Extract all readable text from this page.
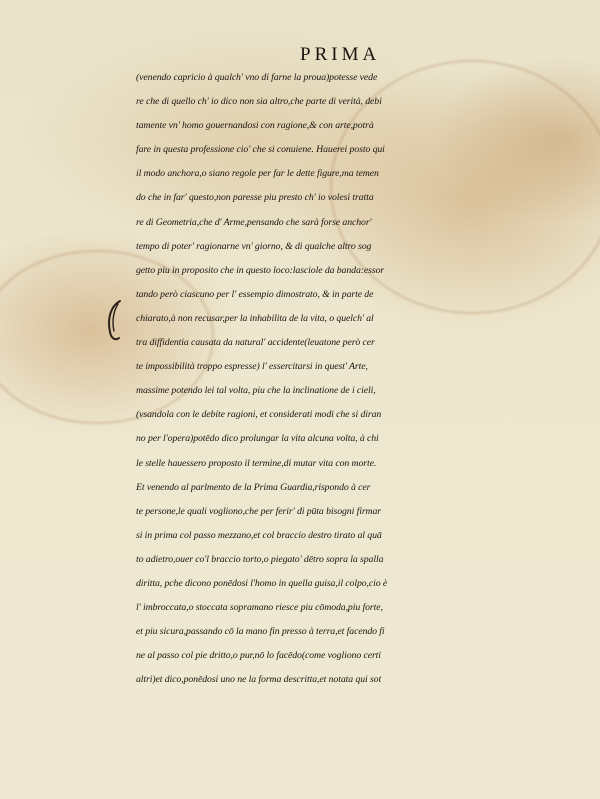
PRIMA
(venendo capricio à qualch' vno di farne la proua)potesse vede
re che di quello ch' io dico non sia altro,che parte di verità, debi
tamente vn' homo gouernandosi con ragione,& con arte,potrà
fare in questa professione cio' che si conuiene. Hauerei posto qui
il modo anchora,o siano regole per far le dette figure,ma temen
do che in far' questo,non paresse piu presto ch' io volesi tratta
re di Geometria,che d' Arme,pensando che sarà forse anchor'
tempo di poter' ragionarne vn' giorno, & di qualche altro sog
getto piu in proposito che in questo loco:lasciole da banda:essor
tando però ciascuno per l' essempio dimostrato, & in parte de
chiarato,à non recusar,per la inhabilita de la vita, o quelch' al
tra diffidentia causata da natural' accidente(leuatone però cer
te impossibilità troppo espresse) l' essercitarsi in quest' Arte,
massime potendo lei tal volta, piu che la inclinatione de i cieli,
(vsandola con le debite ragioni, et considerati modi che si diran
no per l'opera)potēdo dico prolungar la vita alcuna volta, à chi
le stelle hauessero proposto il termine,di mutar vita con morte.
Et venendo al parlmento de la Prima Guardia,rispondo à cer
te persone,le quali vogliono,che per ferir' di pūta bisogni firmar
si in prima col passo mezzano,et col braccio destro tirato al quā
to adietro,ouer co'l braccio torto,o piegato' dētro sopra la spalla
diritta, pche dicono ponēdosi l'homo in quella guisa,il colpo,cio è
l' imbroccata,o stoccata sopramano riesce piu cōmoda,piu forte,
et piu sicura,passando cō la mano fin presso à terra,et facendo fi
ne al passo col pie dritto,o pur,nō lo facēdo(come vogliono certi
altri)et dico,ponēdosi uno ne la forma descritta,et notata qui sot
